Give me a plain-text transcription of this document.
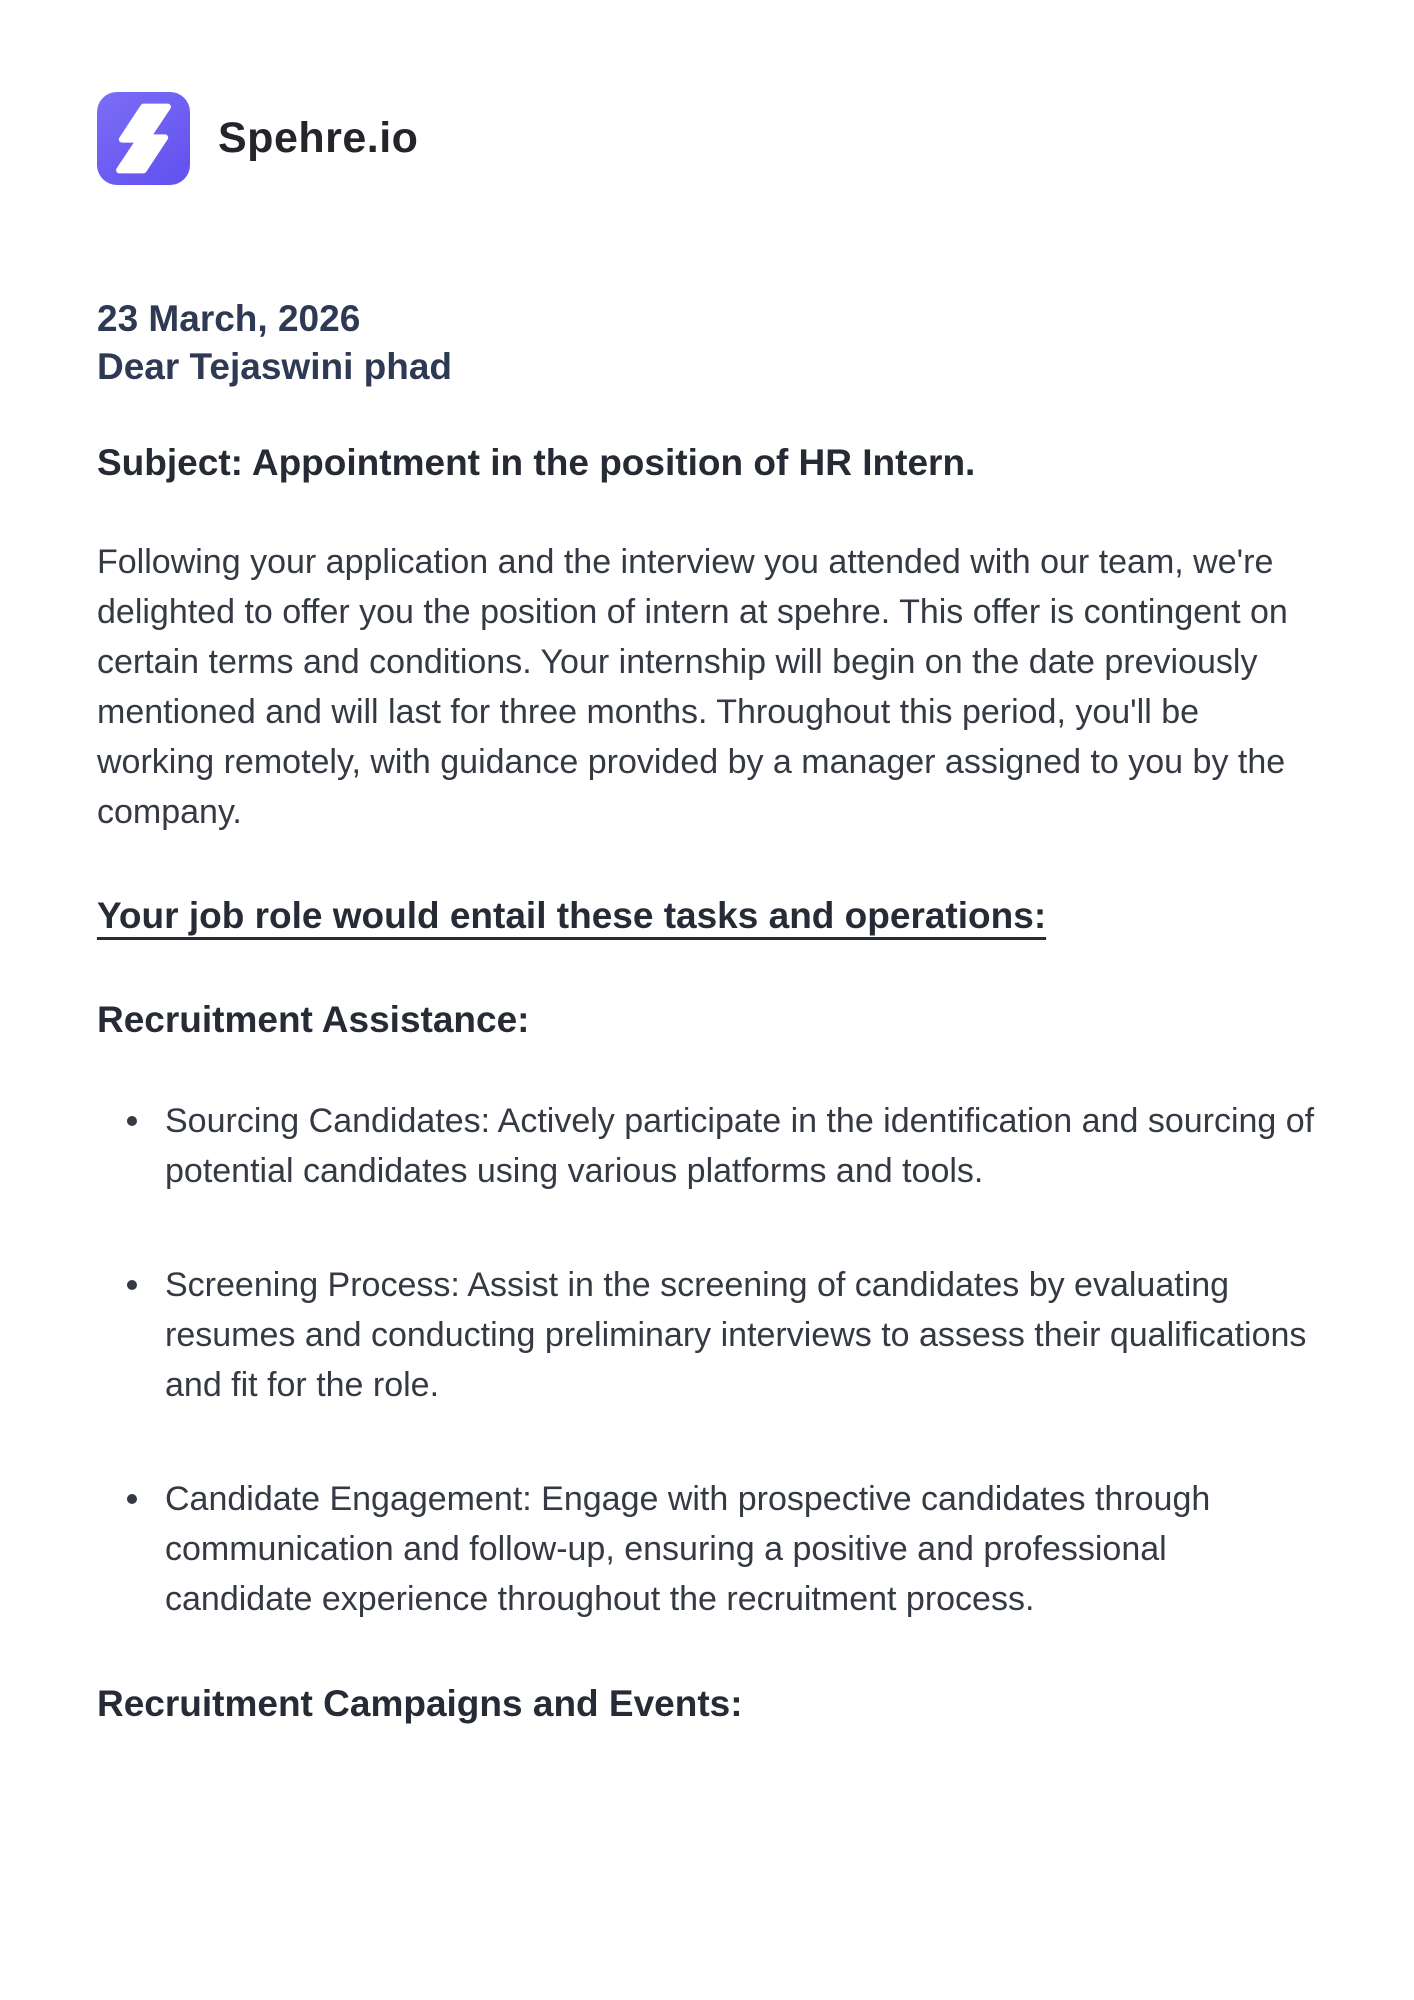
Spehre.io
23 March, 2026
Dear Tejaswini phad
Subject: Appointment in the position of HR Intern.

Following your application and the interview you attended with our team, we're delighted to offer you the position of intern at spehre. This offer is contingent on certain terms and conditions. Your internship will begin on the date previously mentioned and will last for three months. Throughout this period, you'll be working remotely, with guidance provided by a manager assigned to you by the company.

Your job role would entail these tasks and operations:
Recruitment Assistance:
Sourcing Candidates: Actively participate in the identification and sourcing of potential candidates using various platforms and tools.
Screening Process: Assist in the screening of candidates by evaluating resumes and conducting preliminary interviews to assess their qualifications and fit for the role.
Candidate Engagement: Engage with prospective candidates through communication and follow-up, ensuring a positive and professional candidate experience throughout the recruitment process.
Recruitment Campaigns and Events:
